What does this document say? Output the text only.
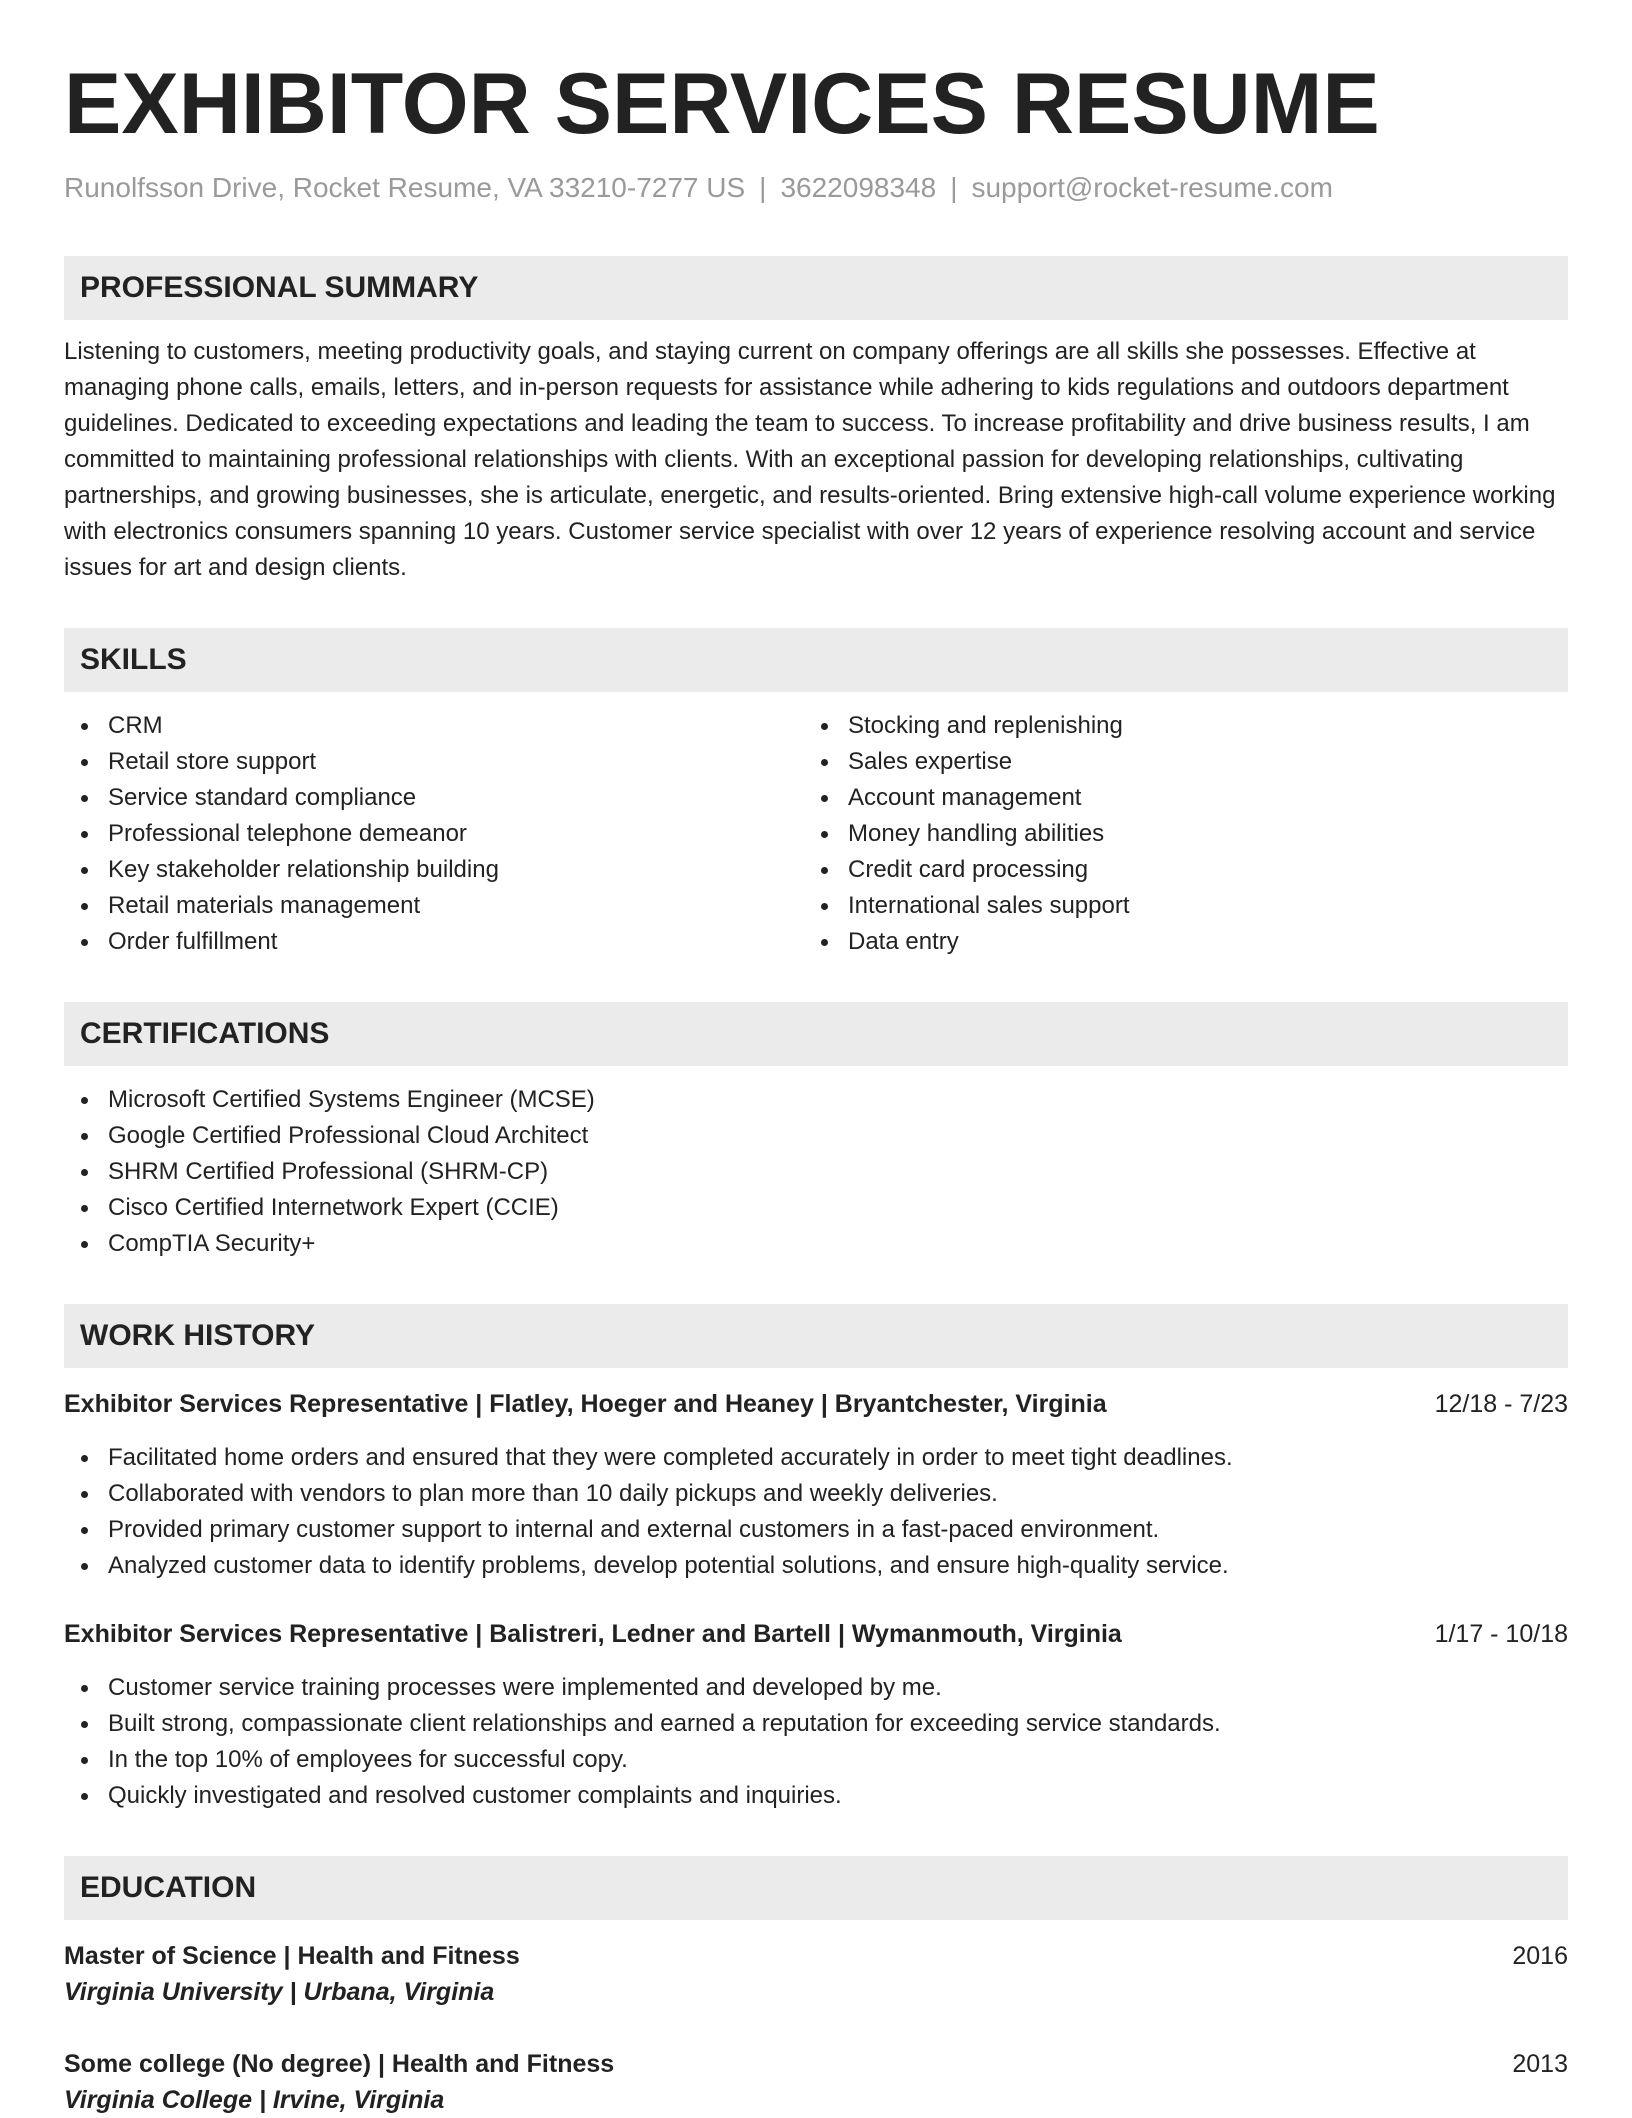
EXHIBITOR SERVICES RESUME
Runolfsson Drive, Rocket Resume, VA 33210-7277 US | 3622098348 | support@rocket-resume.com
PROFESSIONAL SUMMARY

Listening to customers, meeting productivity goals, and staying current on company offerings are all skills she possesses. Effective at managing phone calls, emails, letters, and in-person requests for assistance while adhering to kids regulations and outdoors department guidelines. Dedicated to exceeding expectations and leading the team to success. To increase profitability and drive business results, I am committed to maintaining professional relationships with clients. With an exceptional passion for developing relationships, cultivating partnerships, and growing businesses, she is articulate, energetic, and results-oriented. Bring extensive high-call volume experience working with electronics consumers spanning 10 years. Customer service specialist with over 12 years of experience resolving account and service issues for art and design clients.

SKILLS
CRM
Retail store support
Service standard compliance
Professional telephone demeanor
Key stakeholder relationship building
Retail materials management
Order fulfillment
Stocking and replenishing
Sales expertise
Account management
Money handling abilities
Credit card processing
International sales support
Data entry
CERTIFICATIONS
Microsoft Certified Systems Engineer (MCSE)
Google Certified Professional Cloud Architect
SHRM Certified Professional (SHRM-CP)
Cisco Certified Internetwork Expert (CCIE)
CompTIA Security+
WORK HISTORY
Exhibitor Services Representative | Flatley, Hoeger and Heaney | Bryantchester, Virginia	12/18 - 7/23
Facilitated home orders and ensured that they were completed accurately in order to meet tight deadlines.
Collaborated with vendors to plan more than 10 daily pickups and weekly deliveries.
Provided primary customer support to internal and external customers in a fast-paced environment.
Analyzed customer data to identify problems, develop potential solutions, and ensure high-quality service.
Exhibitor Services Representative | Balistreri, Ledner and Bartell | Wymanmouth, Virginia	1/17 - 10/18
Customer service training processes were implemented and developed by me.
Built strong, compassionate client relationships and earned a reputation for exceeding service standards.
In the top 10% of employees for successful copy.
Quickly investigated and resolved customer complaints and inquiries.
EDUCATION
Master of Science | Health and Fitness	2016
Virginia University | Urbana, Virginia
Some college (No degree) | Health and Fitness	2013
Virginia College | Irvine, Virginia
